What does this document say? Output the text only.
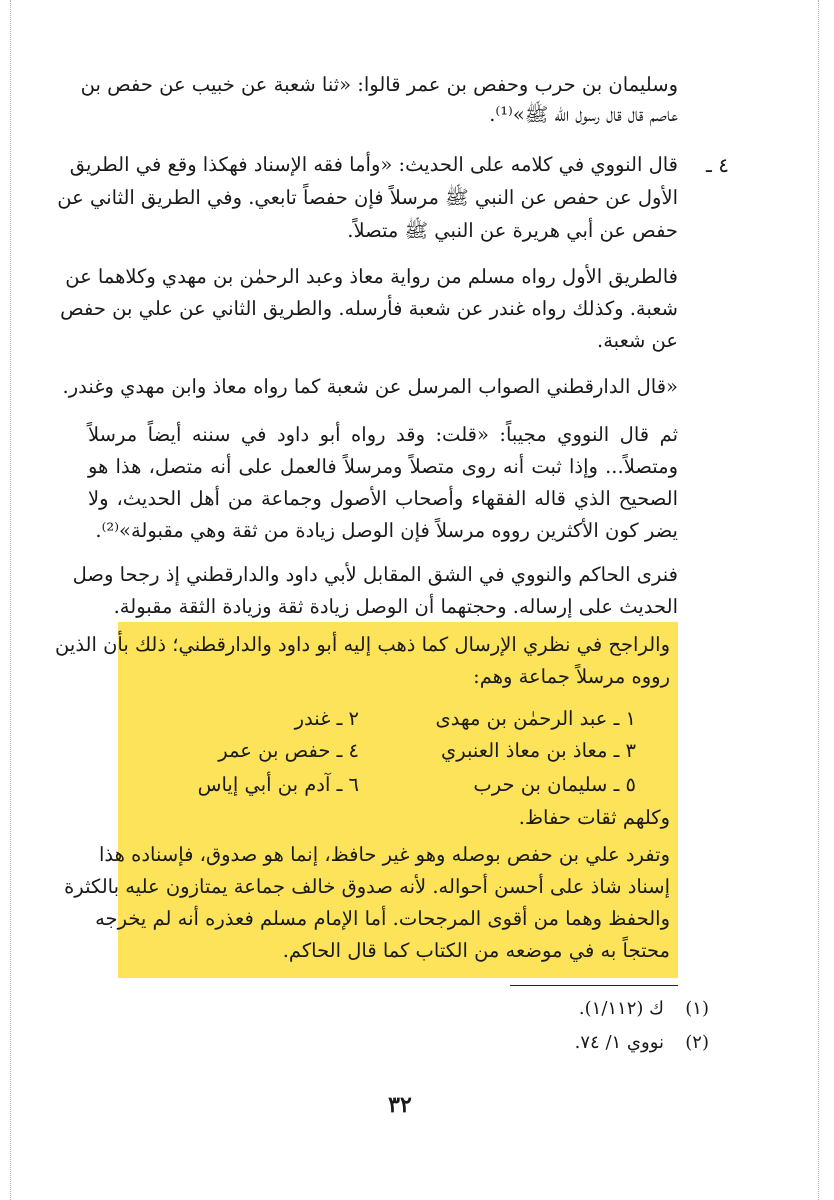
وسليمان بن حرب وحفص بن عمر قالوا: «ثنا شعبة عن خبيب عن حفص بن
عاصم قال قال رسول الله ﷺ»⁽¹⁾.
٤ ـ
قال النووي في كلامه على الحديث: «وأما فقه الإسناد فهكذا وقع في الطريق
الأول عن حفص عن النبي ﷺ مرسلاً فإن حفصاً تابعي. وفي الطريق الثاني عن
حفص عن أبي هريرة عن النبي ﷺ متصلاً.
فالطريق الأول رواه مسلم من رواية معاذ وعبد الرحمٰن بن مهدي وكلاهما عن
شعبة. وكذلك رواه غندر عن شعبة فأرسله. والطريق الثاني عن علي بن حفص
عن شعبة.
«قال الدارقطني الصواب المرسل عن شعبة كما رواه معاذ وابن مهدي وغندر.
ثم قال النووي مجيباً: «قلت: وقد رواه أبو داود في سننه أيضاً مرسلاً
ومتصلاً... وإذا ثبت أنه روى متصلاً ومرسلاً فالعمل على أنه متصل، هذا هو
الصحيح الذي قاله الفقهاء وأصحاب الأصول وجماعة من أهل الحديث، ولا
يضر كون الأكثرين رووه مرسلاً فإن الوصل زيادة من ثقة وهي مقبولة»⁽²⁾.
فنرى الحاكم والنووي في الشق المقابل لأبي داود والدارقطني إذ رجحا وصل
الحديث على إرساله. وحجتهما أن الوصل زيادة ثقة وزيادة الثقة مقبولة.
والراجح في نظري الإرسال كما ذهب إليه أبو داود والدارقطني؛ ذلك بأن الذين
رووه مرسلاً جماعة وهم:
١ ـ عبد الرحمٰن بن مهدى
٢ ـ غندر
٣ ـ معاذ بن معاذ العنبري
٤ ـ حفص بن عمر
٥ ـ سليمان بن حرب
٦ ـ آدم بن أبي إياس
وكلهم ثقات حفاظ.
وتفرد علي بن حفص بوصله وهو غير حافظ، إنما هو صدوق، فإسناده هذا
إسناد شاذ على أحسن أحواله. لأنه صدوق خالف جماعة يمتازون عليه بالكثرة
والحفظ وهما من أقوى المرجحات. أما الإمام مسلم فعذره أنه لم يخرجه
محتجاً به في موضعه من الكتاب كما قال الحاكم.
(١)
ك (١/١١٢).
(٢)
نووي ١/ ٧٤.
٣٢
